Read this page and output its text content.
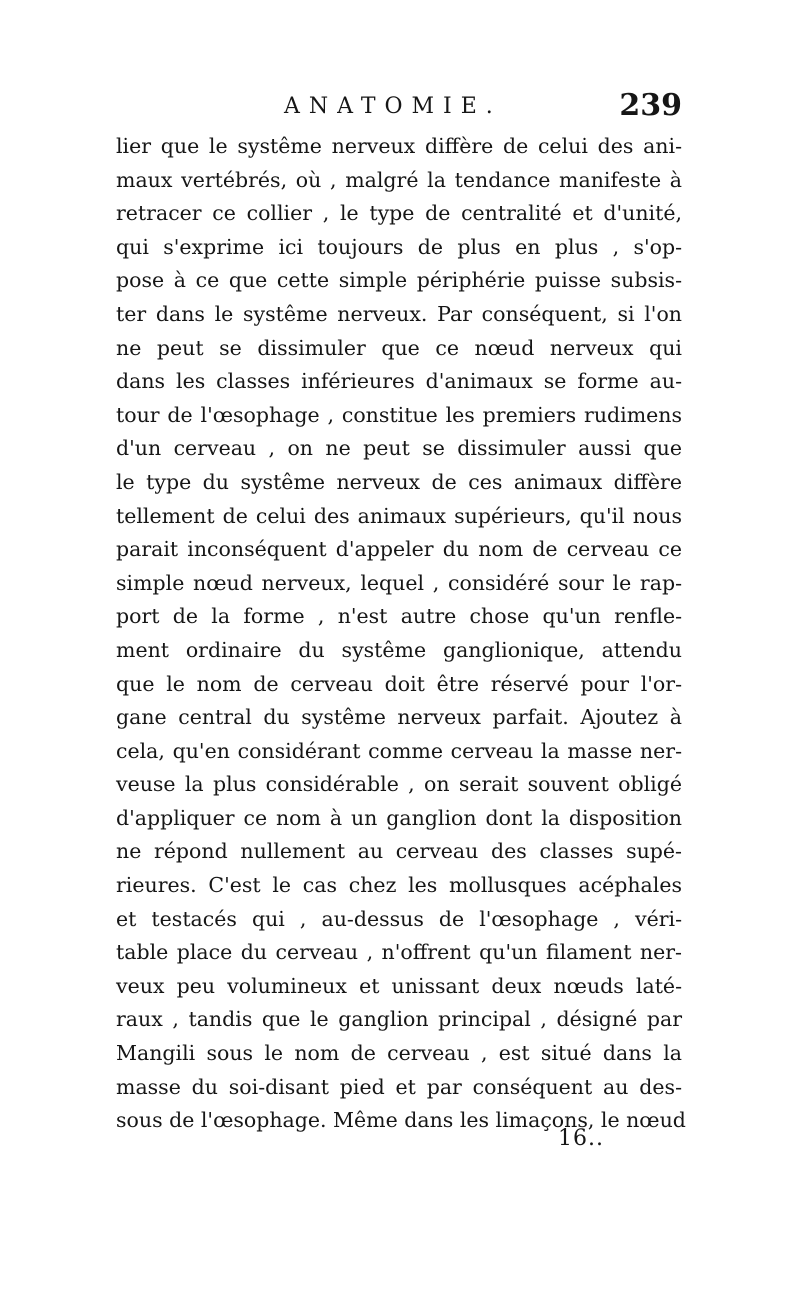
ANATOMIE.	239
lier que le systême nerveux diffère de celui des ani-
maux vertébrés, où , malgré la tendance manifeste à
retracer ce collier , le type de centralité et d'unité,
qui s'exprime ici toujours de plus en plus , s'op-
pose à ce que cette simple périphérie puisse subsis-
ter dans le systême nerveux. Par conséquent, si l'on
ne peut se dissimuler que ce nœud nerveux qui
dans les classes inférieures d'animaux se forme au-
tour de l'œsophage , constitue les premiers rudimens
d'un cerveau , on ne peut se dissimuler aussi que
le type du systême nerveux de ces animaux diffère
tellement de celui des animaux supérieurs, qu'il nous
parait inconséquent d'appeler du nom de cerveau ce
simple nœud nerveux, lequel , considéré sour le rap-
port de la forme , n'est autre chose qu'un renfle-
ment ordinaire du systême ganglionique, attendu
que le nom de cerveau doit être réservé pour l'or-
gane central du systême nerveux parfait. Ajoutez à
cela, qu'en considérant comme cerveau la masse ner-
veuse la plus considérable , on serait souvent obligé
d'appliquer ce nom à un ganglion dont la disposition
ne répond nullement au cerveau des classes supé-
rieures. C'est le cas chez les mollusques acéphales
et testacés qui , au-dessus de l'œsophage , véri-
table place du cerveau , n'offrent qu'un filament ner-
veux peu volumineux et unissant deux nœuds laté-
raux , tandis que le ganglion principal , désigné par
Mangili sous le nom de cerveau , est situé dans la
masse du soi-disant pied et par conséquent au des-
sous de l'œsophage. Même dans les limaçons, le nœud
16..
